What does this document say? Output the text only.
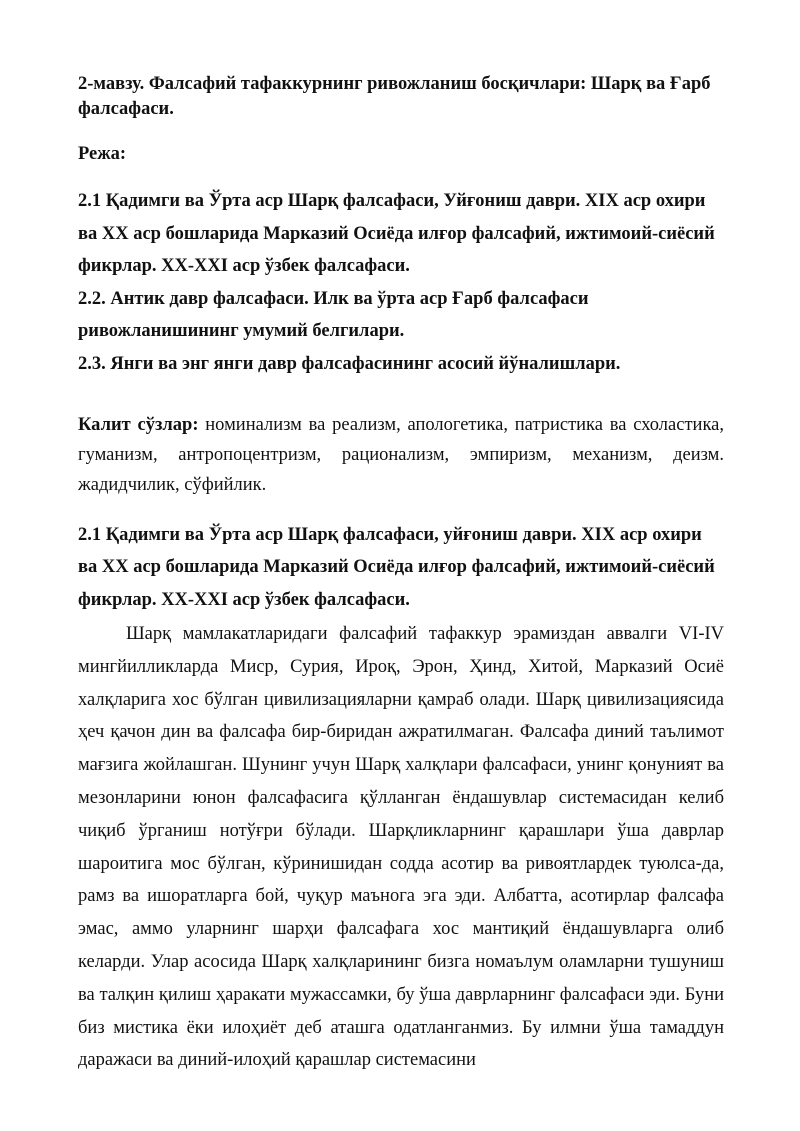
2-мавзу. Фалсафий тафаккурнинг ривожланиш босқичлари: Шарқ ва Ғарб фалсафаси.

Режа:

2.1 Қадимги ва Ўрта аср Шарқ фалсафаси, Уйғониш даври. XIX аср охири ва XX аср бошларида Марказий Осиёда илғор фалсафий, ижтимоий-сиёсий фикрлар. XX-XXI аср ўзбек фалсафаси.

2.2. Антик давр фалсафаси. Илк ва ўрта аср Ғарб фалсафаси ривожланишининг умумий белгилари.

2.3. Янги ва энг янги давр фалсафасининг асосий йўналишлари.

Калит сўзлар: номинализм ва реализм, апологетика, патристика ва схоластика, гуманизм, антропоцентризм, рационализм, эмпиризм, механизм, деизм. жадидчилик, сўфийлик.

2.1 Қадимги ва Ўрта аср Шарқ фалсафаси, уйғониш даври. XIX аср охири ва XX аср бошларида Марказий Осиёда илғор фалсафий, ижтимоий-сиёсий фикрлар. XX-XXI аср ўзбек фалсафаси.

Шарқ мамлакатларидаги фалсафий тафаккур эрамиздан аввалги VI-IV мингйилликларда Миср, Сурия, Ироқ, Эрон, Ҳинд, Хитой, Марказий Осиё халқларига хос бўлган цивилизацияларни қамраб олади. Шарқ цивилизациясида ҳеч қачон дин ва фалсафа бир-биридан ажратилмаган. Фалсафа диний таълимот мағзига жойлашган. Шунинг учун Шарқ халқлари фалсафаси, унинг қонуният ва мезонларини юнон фалсафасига қўлланган ёндашувлар системасидан келиб чиқиб ўрганиш нотўғри бўлади. Шарқликларнинг қарашлари ўша даврлар шароитига мос бўлган, кўринишидан содда асотир ва ривоятлардек туюлса-да, рамз ва ишоратларга бой, чуқур маънога эга эди. Албатта, асотирлар фалсафа эмас, аммо уларнинг шарҳи фалсафага хос мантиқий ёндашувларга олиб келарди. Улар асосида Шарқ халқларининг бизга номаълум оламларни тушуниш ва талқин қилиш ҳаракати мужассамки, бу ўша даврларнинг фалсафаси эди. Буни биз мистика ёки илоҳиёт деб аташга одатланганмиз. Бу илмни ўша тамаддун даражаси ва диний-илоҳий қарашлар системасини
